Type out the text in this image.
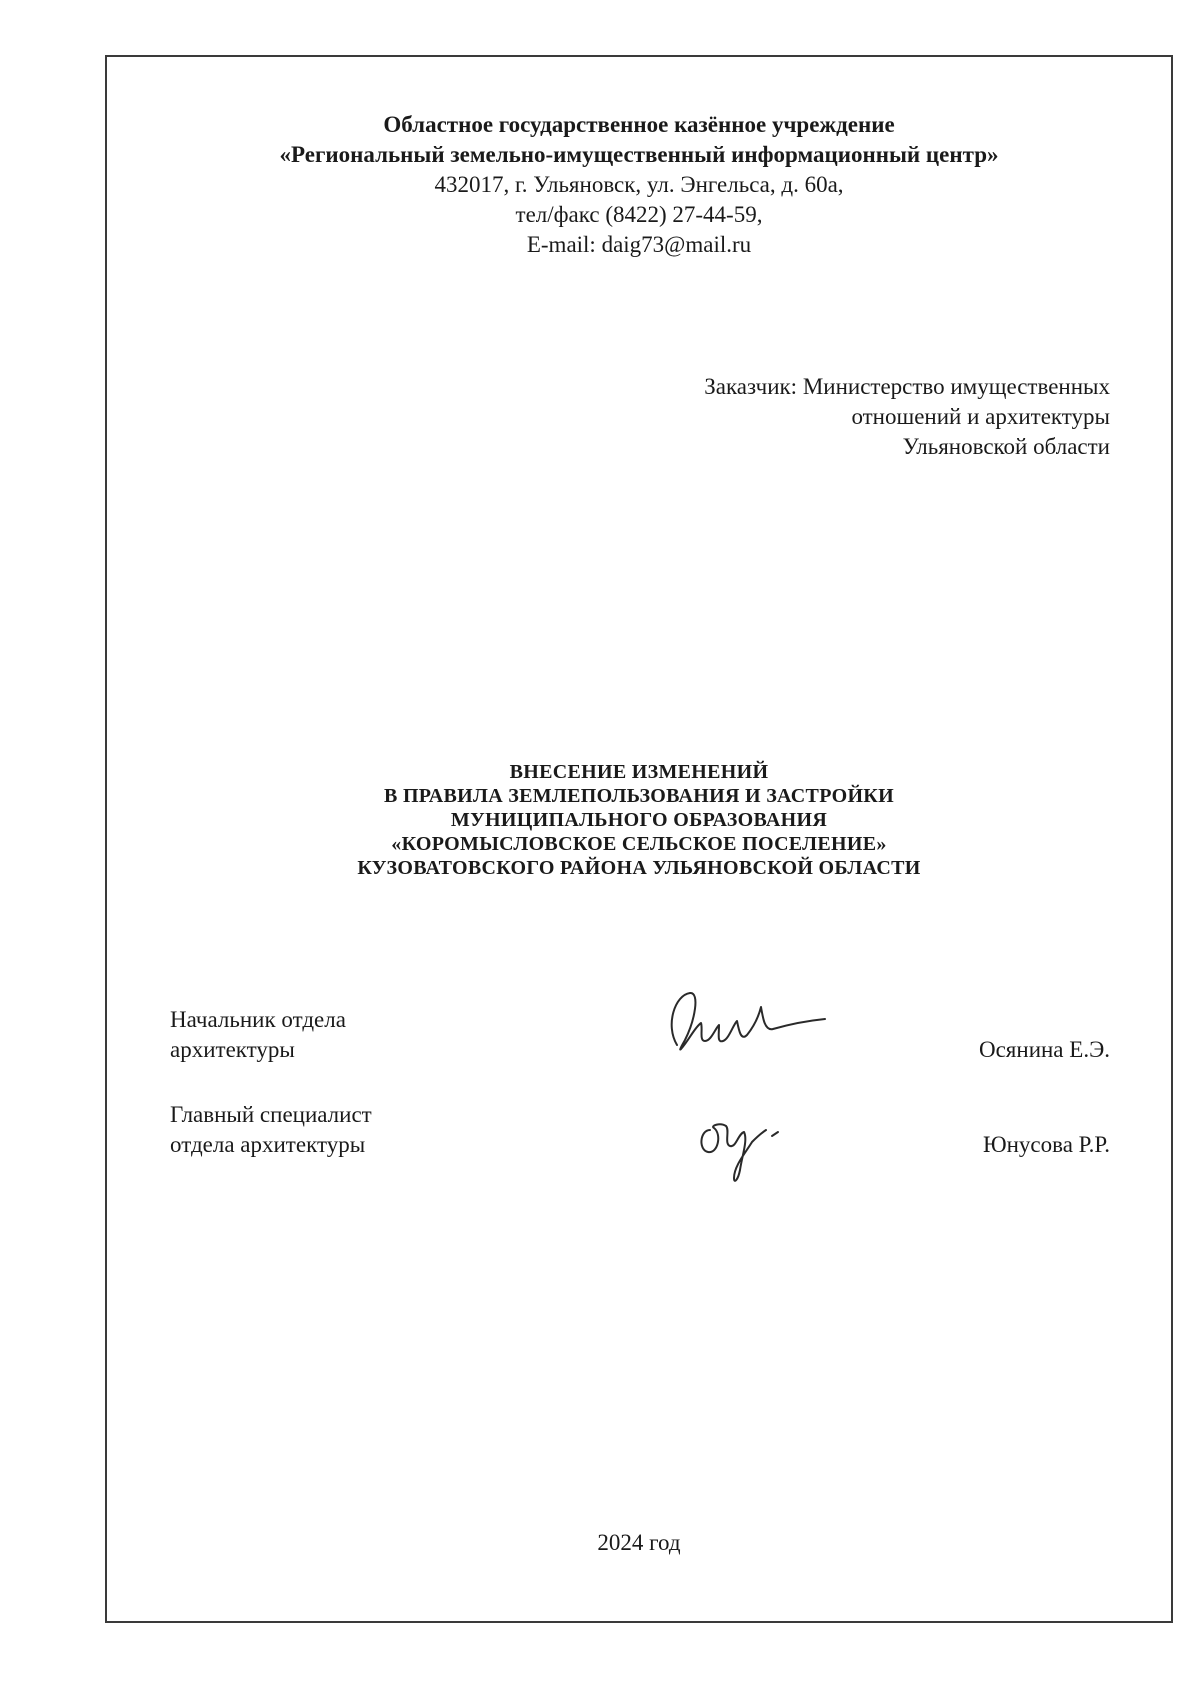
Областное государственное казённое учреждение
«Региональный земельно-имущественный информационный центр»
432017, г. Ульяновск, ул. Энгельса, д. 60а,
тел/факс (8422) 27-44-59,
E-mail: daig73@mail.ru
Заказчик: Министерство имущественных
отношений и архитектуры
Ульяновской области
ВНЕСЕНИЕ ИЗМЕНЕНИЙ
В ПРАВИЛА ЗЕМЛЕПОЛЬЗОВАНИЯ И ЗАСТРОЙКИ
МУНИЦИПАЛЬНОГО ОБРАЗОВАНИЯ
«КОРОМЫСЛОВСКОЕ СЕЛЬСКОЕ ПОСЕЛЕНИЕ»
КУЗОВАТОВСКОГО РАЙОНА УЛЬЯНОВСКОЙ ОБЛАСТИ
Начальник отдела
архитектуры	Осянина Е.Э.
Главный специалист
отдела архитектуры	Юнусова Р.Р.
2024 год
